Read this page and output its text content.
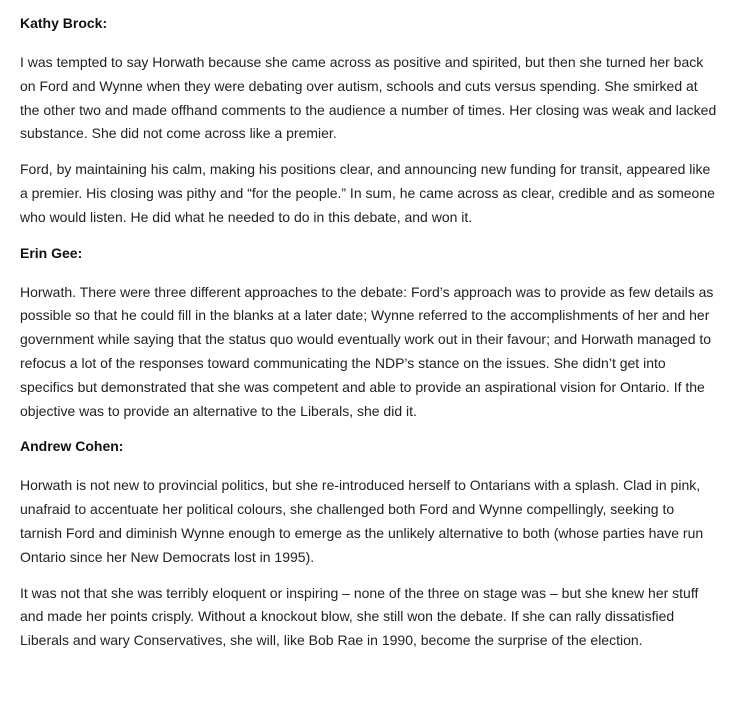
Kathy Brock:

I was tempted to say Horwath because she came across as positive and spirited, but then she turned her back on Ford and Wynne when they were debating over autism, schools and cuts versus spending. She smirked at the other two and made offhand comments to the audience a number of times. Her closing was weak and lacked substance. She did not come across like a premier.

Ford, by maintaining his calm, making his positions clear, and announcing new funding for transit, appeared like a premier. His closing was pithy and “for the people.” In sum, he came across as clear, credible and as someone who would listen. He did what he needed to do in this debate, and won it.

Erin Gee:

Horwath. There were three different approaches to the debate: Ford’s approach was to provide as few details as possible so that he could fill in the blanks at a later date; Wynne referred to the accomplishments of her and her government while saying that the status quo would eventually work out in their favour; and Horwath managed to refocus a lot of the responses toward communicating the NDP’s stance on the issues. She didn’t get into specifics but demonstrated that she was competent and able to provide an aspirational vision for Ontario. If the objective was to provide an alternative to the Liberals, she did it.

Andrew Cohen:

Horwath is not new to provincial politics, but she re-introduced herself to Ontarians with a splash. Clad in pink, unafraid to accentuate her political colours, she challenged both Ford and Wynne compellingly, seeking to tarnish Ford and diminish Wynne enough to emerge as the unlikely alternative to both (whose parties have run Ontario since her New Democrats lost in 1995).

It was not that she was terribly eloquent or inspiring – none of the three on stage was – but she knew her stuff and made her points crisply. Without a knockout blow, she still won the debate. If she can rally dissatisfied Liberals and wary Conservatives, she will, like Bob Rae in 1990, become the surprise of the election.
